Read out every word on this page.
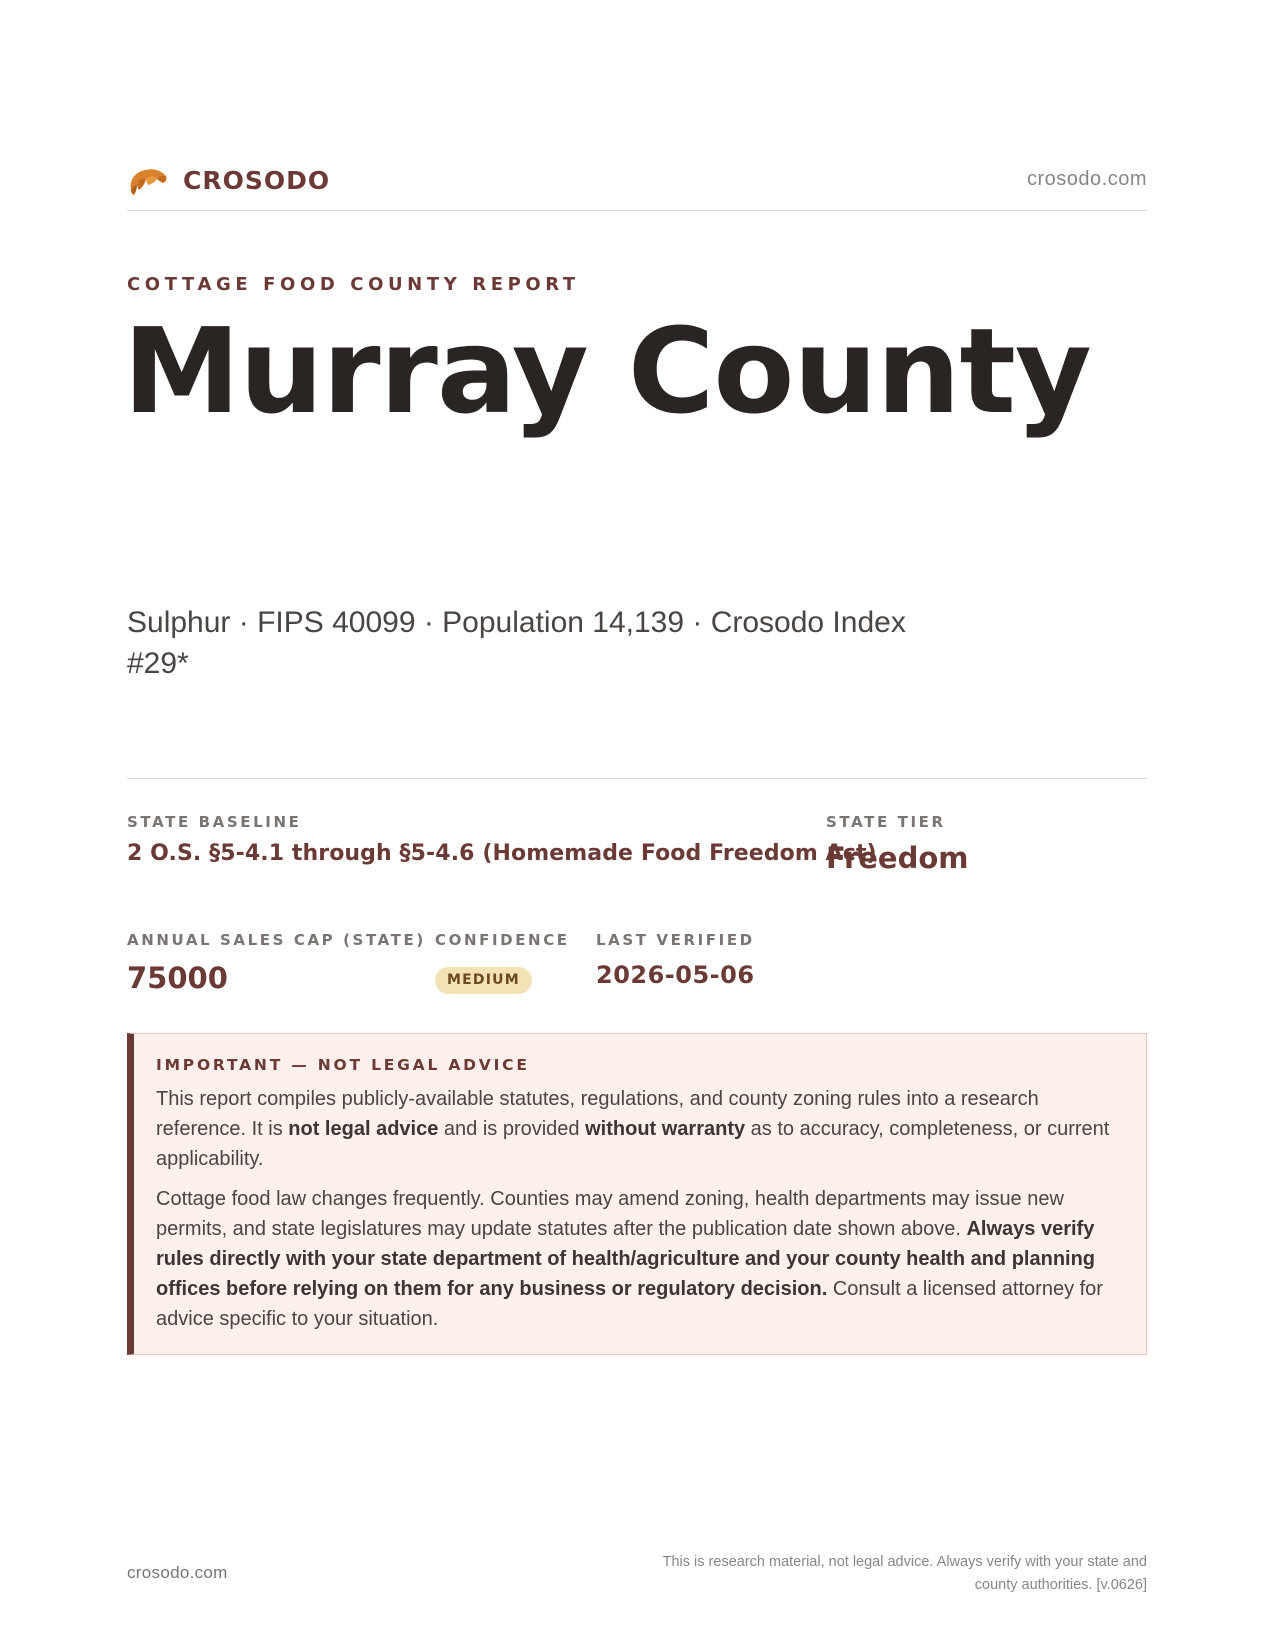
CROSODO	crosodo.com
COTTAGE FOOD COUNTY REPORT
Murray County
Sulphur · FIPS 40099 · Population 14,139 · Crosodo Index #29*
STATE BASELINE
2 O.S. §5-4.1 through §5-4.6 (Homemade Food Freedom Act)
STATE TIER
Freedom
ANNUAL SALES CAP (STATE)
75000
CONFIDENCE
MEDIUM
LAST VERIFIED
2026-05-06
IMPORTANT — NOT LEGAL ADVICE

This report compiles publicly-available statutes, regulations, and county zoning rules into a research reference. It is not legal advice and is provided without warranty as to accuracy, completeness, or current applicability.

Cottage food law changes frequently. Counties may amend zoning, health departments may issue new permits, and state legislatures may update statutes after the publication date shown above. Always verify rules directly with your state department of health/agriculture and your county health and planning offices before relying on them for any business or regulatory decision. Consult a licensed attorney for advice specific to your situation.

crosodo.com
This is research material, not legal advice. Always verify with your state and county authorities. [v.0626]
